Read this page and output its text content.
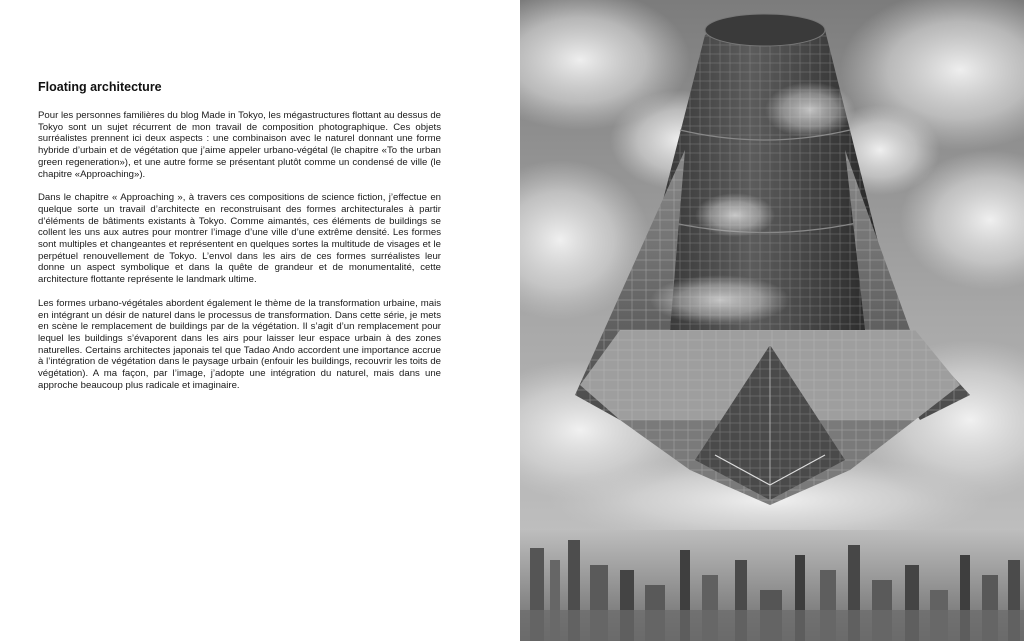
Floating architecture

Pour les personnes familières du blog Made in Tokyo, les mégastructures flottant au dessus de Tokyo sont un sujet récurrent de mon travail de composition photographique. Ces objets surréalistes prennent ici deux aspects : une combinaison avec le naturel donnant une forme hybride d’urbain et de végétation que j’aime appeler urbano-végétal (le chapitre «To the urban green regeneration»), et une autre forme se présentant plutôt comme un condensé de ville (le chapitre «Approaching»).

Dans le chapitre « Approaching », à travers ces compositions de science fiction, j’effectue en quelque sorte un travail d’architecte en reconstruisant des formes architecturales à partir d’éléments de bâtiments existants à Tokyo. Comme aimantés, ces éléments de buildings se collent les uns aux autres pour montrer l’image d’une ville d’une extrême densité. Les formes sont multiples et changeantes et représentent en quelques sortes la multitude de visages et le perpétuel renouvellement de Tokyo. L’envol dans les airs de ces formes surréalistes leur donne un aspect symbolique et dans la quête de grandeur et de monumentalité, cette architecture flottante représente le landmark ultime.

Les formes urbano-végétales abordent également le thème de la transformation urbaine, mais en intégrant un désir de naturel dans le processus de transformation. Dans cette série, je mets en scène le remplacement de buildings par de la végétation. Il s’agit d’un remplacement pour lequel les buildings s’évaporent dans les airs pour laisser leur espace urbain à des zones naturelles. Certains architectes japonais tel que Tadao Ando accordent une importance accrue à l’intégration de végétation dans le paysage urbain (enfouir les buildings, recouvrir les toits de végétation). A ma façon, par l’image, j’adopte une intégration du naturel, mais dans une approche beaucoup plus radicale et imaginaire.
